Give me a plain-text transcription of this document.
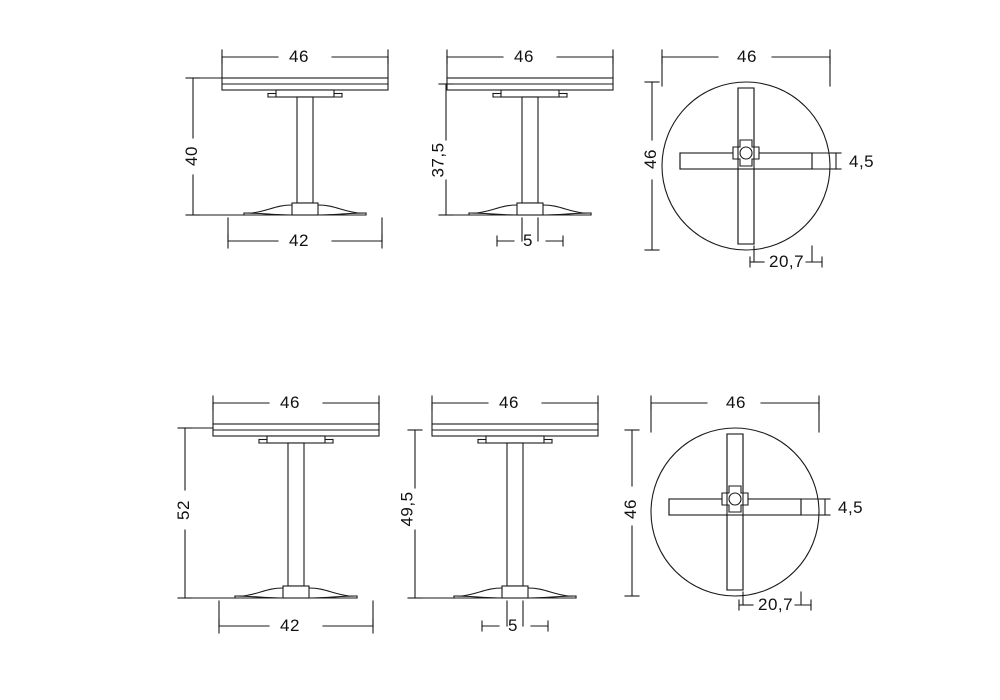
46
40
42
46
37,5
5
46
46	4,5
20,7
46
52
42
46
49,5
5
46
46	4,5
20,7
